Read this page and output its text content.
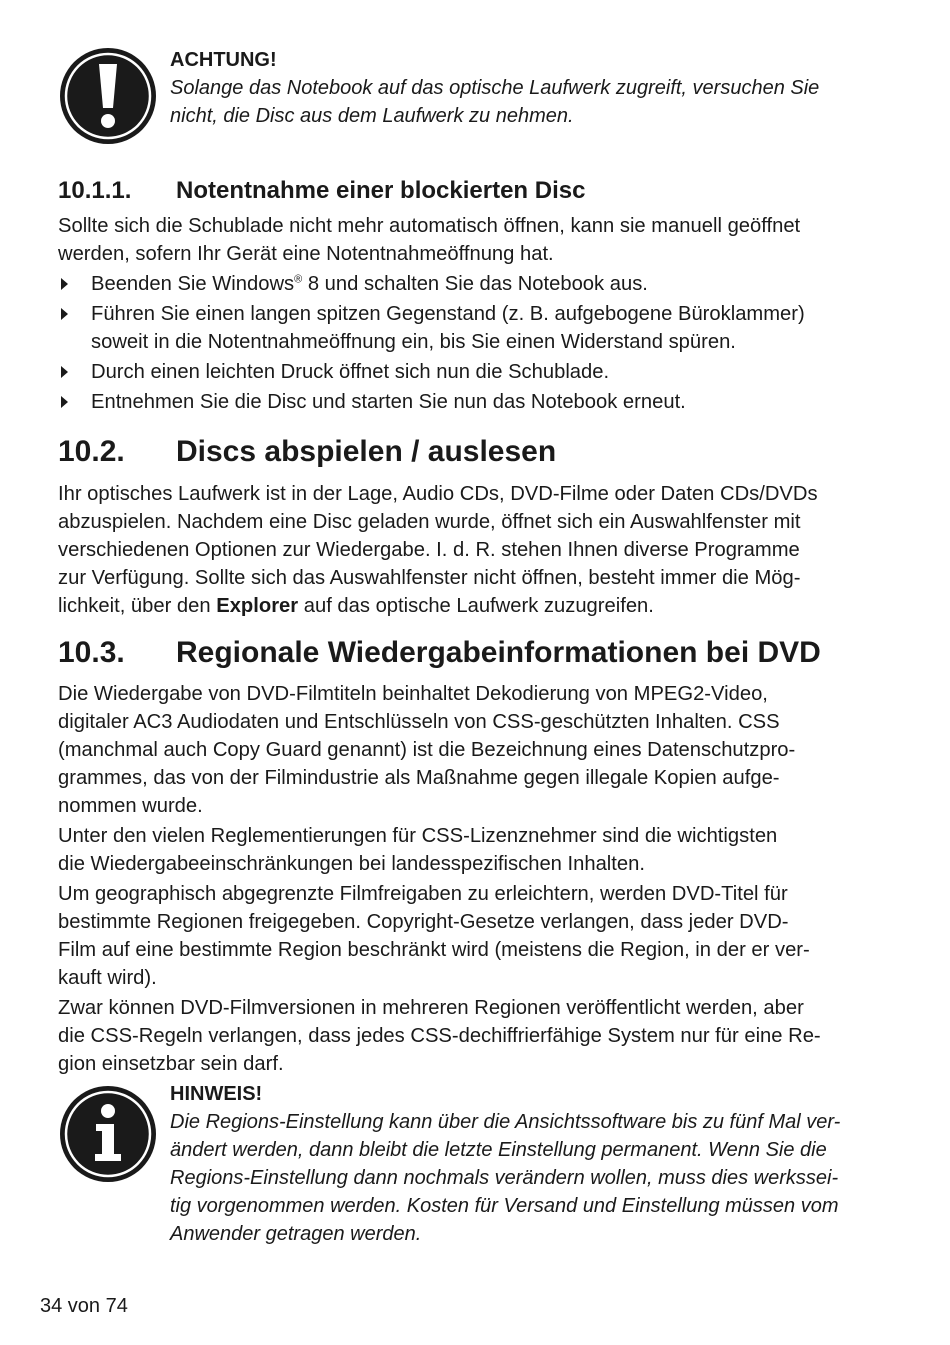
ACHTUNG!

Solange das Notebook auf das optische Laufwerk zugreift, versuchen Sie

nicht, die Disc aus dem Laufwerk zu nehmen.

10.1.1. Notentnahme einer blockierten Disc

Sollte sich die Schublade nicht mehr automatisch öffnen, kann sie manuell geöffnet

werden, sofern Ihr Gerät eine Notentnahmeöffnung hat.

Beenden Sie Windows® 8 und schalten Sie das Notebook aus.
Führen Sie einen langen spitzen Gegenstand (z. B. aufgebogene Büroklammer)
soweit in die Notentnahmeöffnung ein, bis Sie einen Widerstand spüren.
Durch einen leichten Druck öffnet sich nun die Schublade.
Entnehmen Sie die Disc und starten Sie nun das Notebook erneut.
10.2. Discs abspielen / auslesen

Ihr optisches Laufwerk ist in der Lage, Audio CDs, DVD-Filme oder Daten CDs/DVDs

abzuspielen. Nachdem eine Disc geladen wurde, öffnet sich ein Auswahlfenster mit

verschiedenen Optionen zur Wiedergabe. I. d. R. stehen Ihnen diverse Programme

zur Verfügung. Sollte sich das Auswahlfenster nicht öffnen, besteht immer die Mög-

lichkeit, über den Explorer auf das optische Laufwerk zuzugreifen.

10.3. Regionale Wiedergabeinformationen bei DVD

Die Wiedergabe von DVD-Filmtiteln beinhaltet Dekodierung von MPEG2-Video,

digitaler AC3 Audiodaten und Entschlüsseln von CSS-geschützten Inhalten. CSS

(manchmal auch Copy Guard genannt) ist die Bezeichnung eines Datenschutzpro-

grammes, das von der Filmindustrie als Maßnahme gegen illegale Kopien aufge-

nommen wurde.

Unter den vielen Reglementierungen für CSS-Lizenznehmer sind die wichtigsten

die Wiedergabeeinschränkungen bei landesspezifischen Inhalten.

Um geographisch abgegrenzte Filmfreigaben zu erleichtern, werden DVD-Titel für

bestimmte Regionen freigegeben. Copyright-Gesetze verlangen, dass jeder DVD-

Film auf eine bestimmte Region beschränkt wird (meistens die Region, in der er ver-

kauft wird).

Zwar können DVD-Filmversionen in mehreren Regionen veröffentlicht werden, aber

die CSS-Regeln verlangen, dass jedes CSS-dechiffrierfähige System nur für eine Re-

gion einsetzbar sein darf.

HINWEIS!

Die Regions-Einstellung kann über die Ansichtssoftware bis zu fünf Mal ver-

ändert werden, dann bleibt die letzte Einstellung permanent. Wenn Sie die

Regions-Einstellung dann nochmals verändern wollen, muss dies werkssei-

tig vorgenommen werden. Kosten für Versand und Einstellung müssen vom

Anwender getragen werden.

34 von 74
